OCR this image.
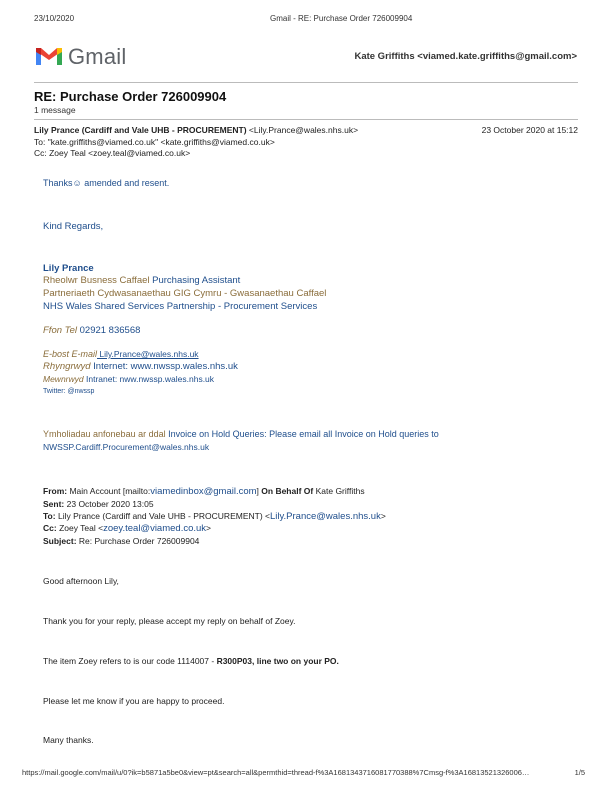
23/10/2020	Gmail - RE: Purchase Order 726009904
Gmail	Kate Griffiths <viamed.kate.griffiths@gmail.com>
RE: Purchase Order 726009904
1 message
Lily Prance (Cardiff and Vale UHB - PROCUREMENT) <Lily.Prance@wales.nhs.uk>	23 October 2020 at 15:12
To: "kate.griffiths@viamed.co.uk" <kate.griffiths@viamed.co.uk>
Cc: Zoey Teal <zoey.teal@viamed.co.uk>
Thanks☺ amended and resent.
Kind Regards,
Lily Prance
Rheolwr Busness Caffael Purchasing Assistant
Partneriaeth Cydwasanaethau GIG Cymru - Gwasanaethau Caffael
NHS Wales Shared Services Partnership - Procurement Services
Ffon Tel 02921 836568
E-bost E-mail Lily.Prance@wales.nhs.uk
Rhyngrwyd Internet: www.nwssp.wales.nhs.uk
Mewnrwyd Intranet: nww.nwssp.wales.nhs.uk
Twitter: @nwssp
Ymholiadau anfonebau ar ddal Invoice on Hold Queries: Please email all Invoice on Hold queries to
NWSSP.Cardiff.Procurement@wales.nhs.uk
From: Main Account [mailto:viamedinbox@gmail.com] On Behalf Of Kate Griffiths
Sent: 23 October 2020 13:05
To: Lily Prance (Cardiff and Vale UHB - PROCUREMENT) <Lily.Prance@wales.nhs.uk>
Cc: Zoey Teal <zoey.teal@viamed.co.uk>
Subject: Re: Purchase Order 726009904
Good afternoon Lily,
Thank you for your reply, please accept my reply on behalf of Zoey.
The item Zoey refers to is our code 1114007 - R300P03, line two on your PO.
Please let me know if you are happy to proceed.
Many thanks.
https://mail.google.com/mail/u/0?ik=b5871a5be0&view=pt&search=all&permthid=thread-f%3A1681343716081770388%7Cmsg-f%3A16813521326006…	1/5
